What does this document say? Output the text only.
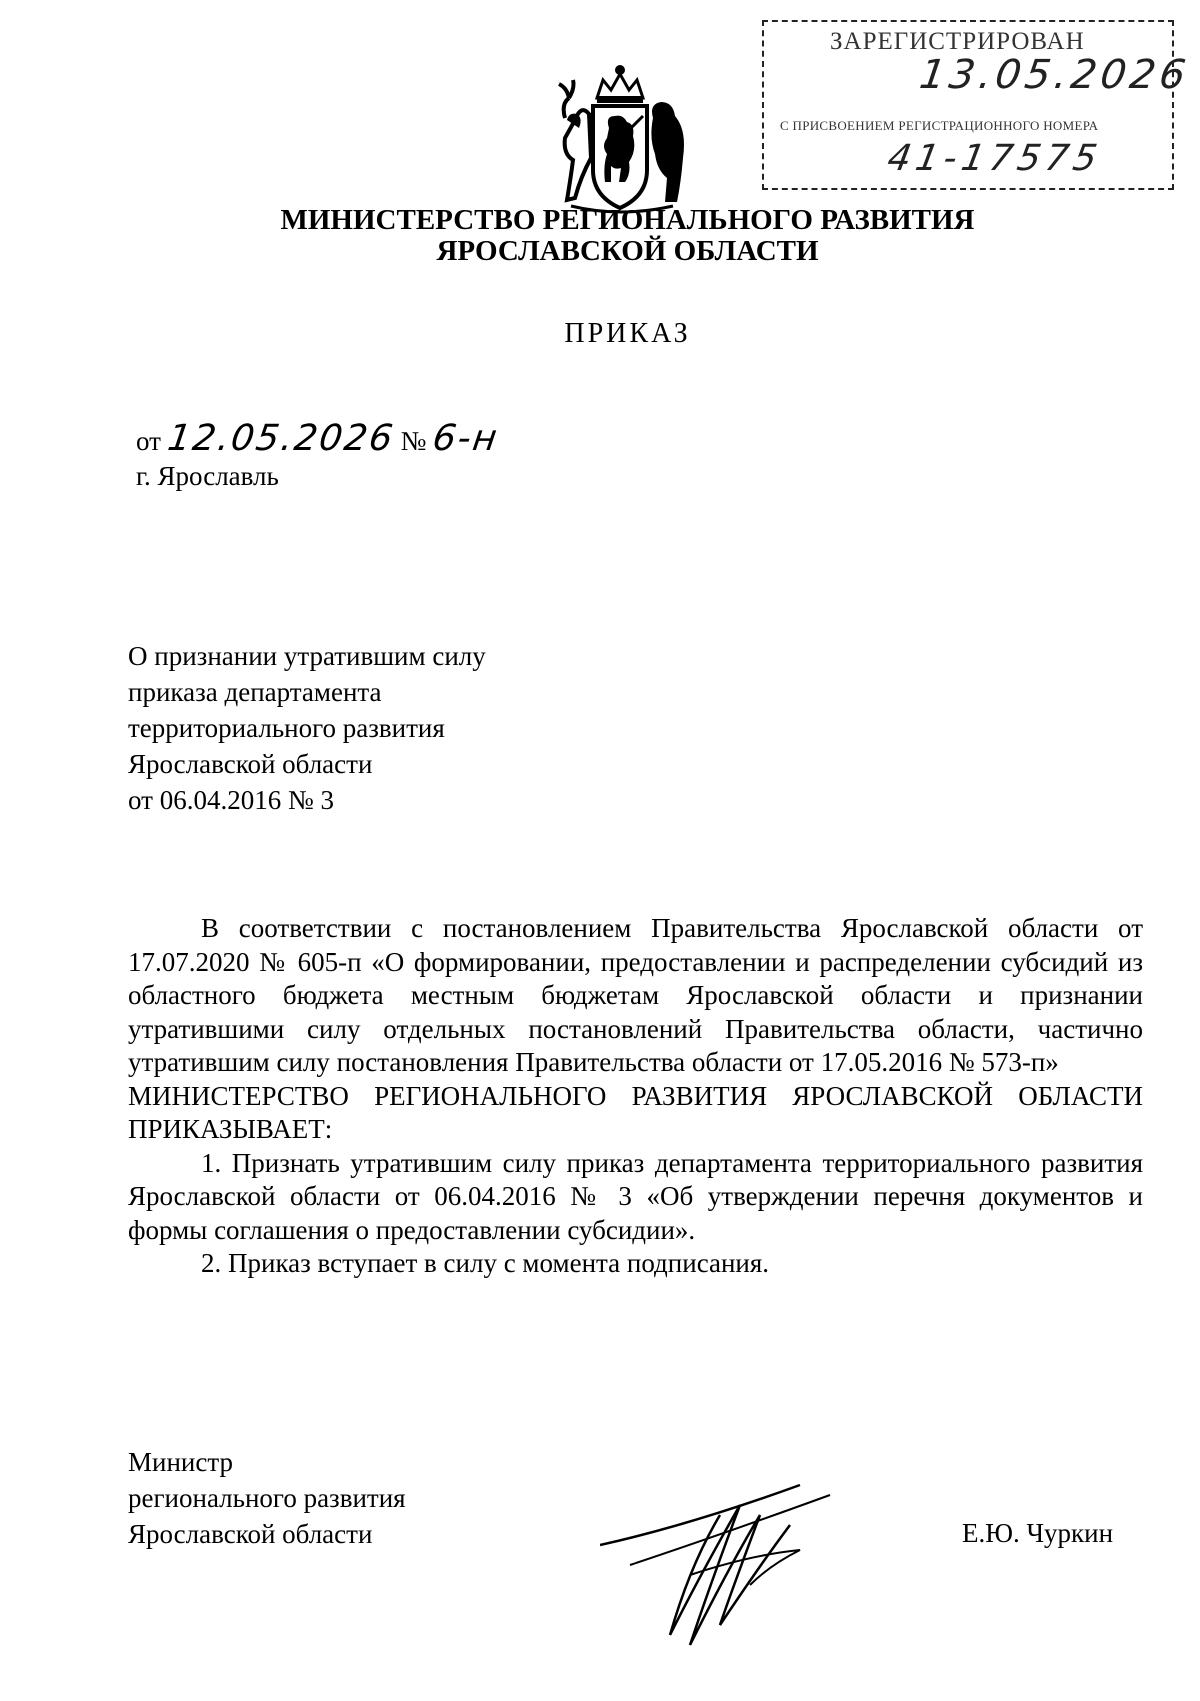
ЗАРЕГИСТРИРОВАН
13.05.2026
С ПРИСВОЕНИЕМ РЕГИСТРАЦИОННОГО НОМЕРА
41-17575
МИНИСТЕРСТВО РЕГИОНАЛЬНОГО РАЗВИТИЯ
ЯРОСЛАВСКОЙ ОБЛАСТИ
ПРИКАЗ
от 12.05.2026 № 6-н
г. Ярославль
О признании утратившим силу
приказа департамента
территориального развития
Ярославской области
от 06.04.2016 № 3

В соответствии с постановлением Правительства Ярославской области от 17.07.2020 № 605-п «О формировании, предоставлении и распределении субсидий из областного бюджета местным бюджетам Ярославской области и признании утратившими силу отдельных постановлений Правительства области, частично утратившим силу постановления Правительства области от 17.05.2016 № 573-п»

МИНИСТЕРСТВО РЕГИОНАЛЬНОГО РАЗВИТИЯ ЯРОСЛАВСКОЙ ОБЛАСТИ ПРИКАЗЫВАЕТ:

1. Признать утратившим силу приказ департамента территориального развития Ярославской области от 06.04.2016 № 3 «Об утверждении перечня документов и формы соглашения о предоставлении субсидии».

2. Приказ вступает в силу с момента подписания.

Министр
регионального развития
Ярославской области	Е.Ю. Чуркин
